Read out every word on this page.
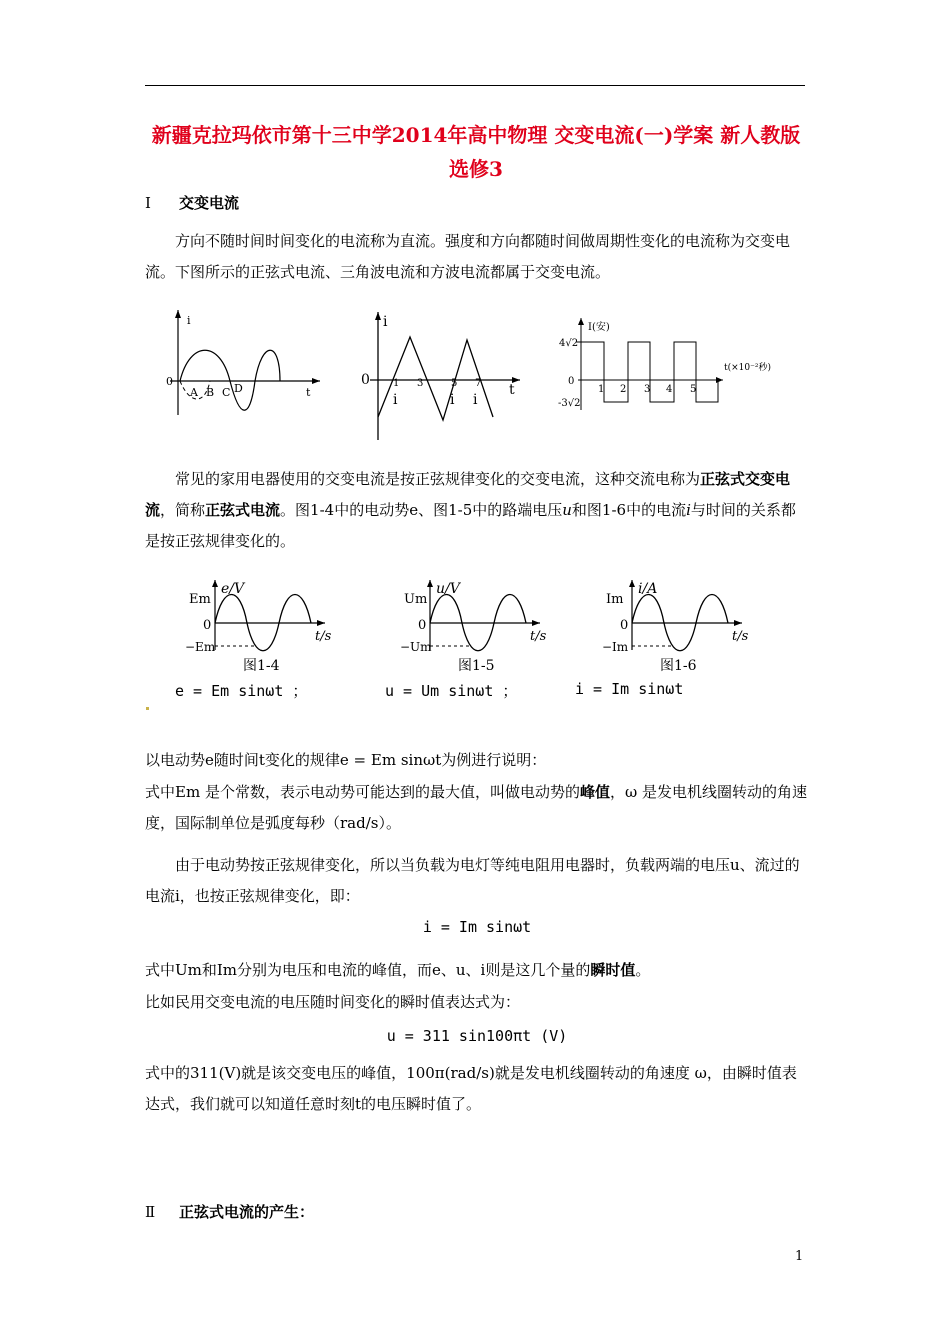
新疆克拉玛依市第十三中学2014年高中物理 交变电流(一)学案 新人教版选修3
Ⅰ 交变电流
方向不随时间时间变化的电流称为直流。强度和方向都随时间做周期性变化的电流称为交变电流。下图所示的正弦式电流、三角波电流和方波电流都属于交变电流。
i
0
A B C D	t
i
0 1 3	5 7 t
i	i i
I(安)
4√2
-3√2
0
1 2 3 4 5
t(×10⁻²秒)
常见的家用电器使用的交变电流是按正弦规律变化的交变电流，这种交流电称为正弦式交变电流，简称正弦式电流。图1-4中的电动势e、图1-5中的路端电压u和图1-6中的电流i与时间的关系都是按正弦规律变化的。
e/V
Em
0
−Em
t/s
图1-4
u/V
Um
0
−Um
t/s
图1-5
i/A
Im
0
−Im
t/s
图1-6
e = Em sinωt ；	u = Um sinωt ；	i = Im sinωt
以电动势e随时间t变化的规律e = Em sinωt为例进行说明：
式中Em 是个常数，表示电动势可能达到的最大值，叫做电动势的峰值，ω 是发电机线圈转动的角速度，国际制单位是弧度每秒（rad/s）。
由于电动势按正弦规律变化，所以当负载为电灯等纯电阻用电器时，负载两端的电压u、流过的电流i，也按正弦规律变化，即：
i = Im sinωt
式中Um和Im分别为电压和电流的峰值，而e、u、i则是这几个量的瞬时值。
比如民用交变电流的电压随时间变化的瞬时值表达式为：
u = 311 sin100πt (V)
式中的311(V)就是该交变电压的峰值，100π(rad/s)就是发电机线圈转动的角速度 ω，由瞬时值表达式，我们就可以知道任意时刻t的电压瞬时值了。
Ⅱ 正弦式电流的产生：
1
